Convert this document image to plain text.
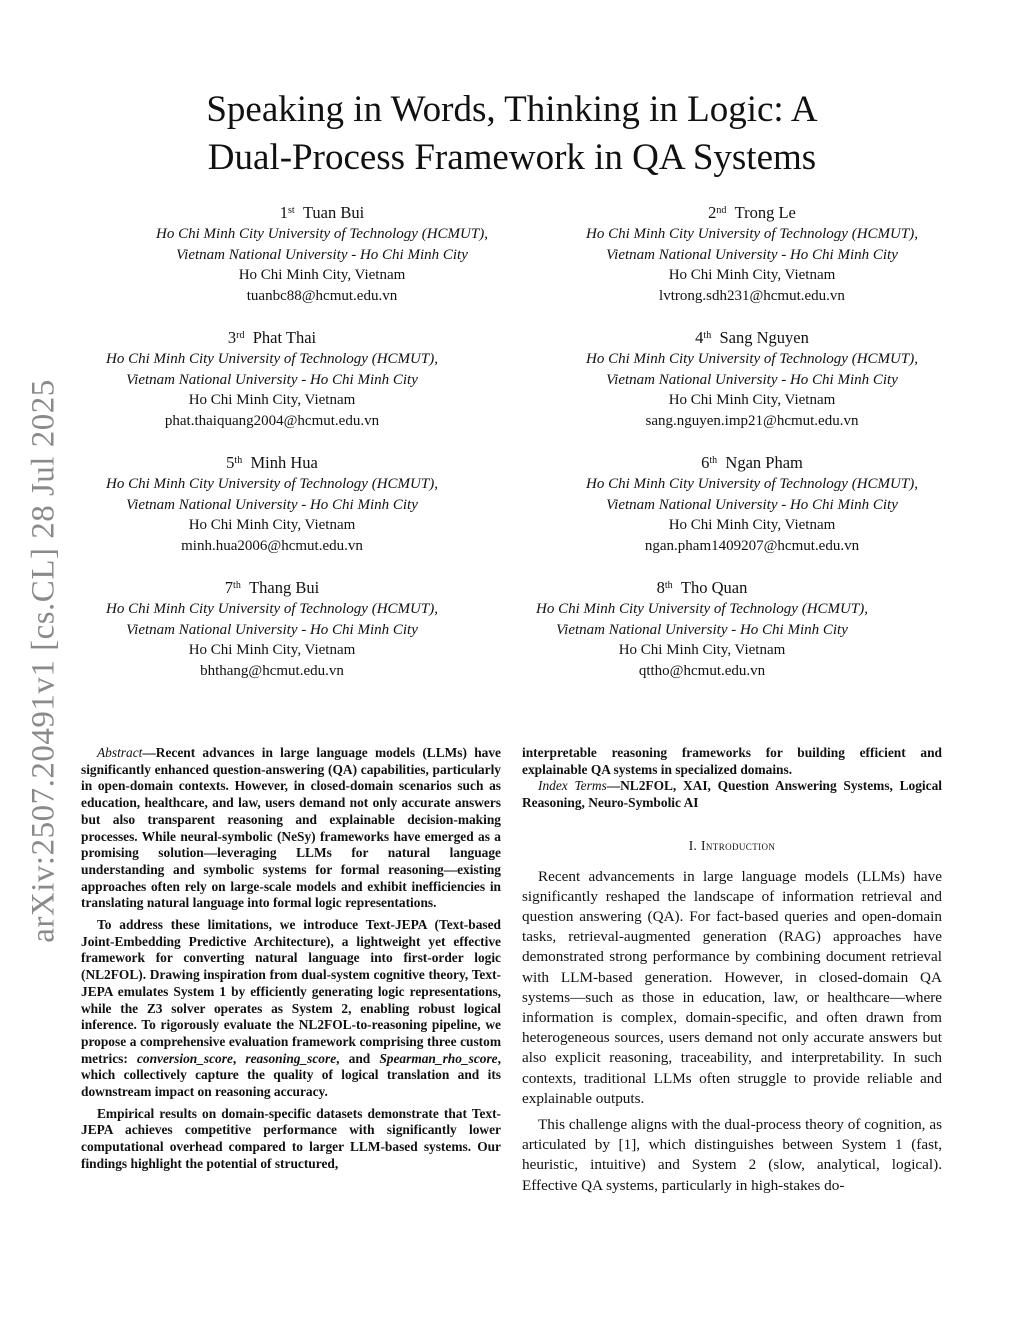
arXiv:2507.20491v1 [cs.CL] 28 Jul 2025
Speaking in Words, Thinking in Logic: A
Dual-Process Framework in QA Systems
1st Tuan Bui
Ho Chi Minh City University of Technology (HCMUT),
Vietnam National University - Ho Chi Minh City
Ho Chi Minh City, Vietnam
tuanbc88@hcmut.edu.vn
2nd Trong Le
Ho Chi Minh City University of Technology (HCMUT),
Vietnam National University - Ho Chi Minh City
Ho Chi Minh City, Vietnam
lvtrong.sdh231@hcmut.edu.vn
3rd Phat Thai
Ho Chi Minh City University of Technology (HCMUT),
Vietnam National University - Ho Chi Minh City
Ho Chi Minh City, Vietnam
phat.thaiquang2004@hcmut.edu.vn
4th Sang Nguyen
Ho Chi Minh City University of Technology (HCMUT),
Vietnam National University - Ho Chi Minh City
Ho Chi Minh City, Vietnam
sang.nguyen.imp21@hcmut.edu.vn
5th Minh Hua
Ho Chi Minh City University of Technology (HCMUT),
Vietnam National University - Ho Chi Minh City
Ho Chi Minh City, Vietnam
minh.hua2006@hcmut.edu.vn
6th Ngan Pham
Ho Chi Minh City University of Technology (HCMUT),
Vietnam National University - Ho Chi Minh City
Ho Chi Minh City, Vietnam
ngan.pham1409207@hcmut.edu.vn
7th Thang Bui
Ho Chi Minh City University of Technology (HCMUT),
Vietnam National University - Ho Chi Minh City
Ho Chi Minh City, Vietnam
bhthang@hcmut.edu.vn
8th Tho Quan
Ho Chi Minh City University of Technology (HCMUT),
Vietnam National University - Ho Chi Minh City
Ho Chi Minh City, Vietnam
qttho@hcmut.edu.vn

Abstract—Recent advances in large language models (LLMs) have significantly enhanced question-answering (QA) capabilities, particularly in open-domain contexts. However, in closed-domain scenarios such as education, healthcare, and law, users demand not only accurate answers but also transparent reasoning and explainable decision-making processes. While neural-symbolic (NeSy) frameworks have emerged as a promising solution—leveraging LLMs for natural language understanding and symbolic systems for formal reasoning—existing approaches often rely on large-scale models and exhibit inefficiencies in translating natural language into formal logic representations.

To address these limitations, we introduce Text-JEPA (Text-based Joint-Embedding Predictive Architecture), a lightweight yet effective framework for converting natural language into first-order logic (NL2FOL). Drawing inspiration from dual-system cognitive theory, Text-JEPA emulates System 1 by efficiently generating logic representations, while the Z3 solver operates as System 2, enabling robust logical inference. To rigorously evaluate the NL2FOL-to-reasoning pipeline, we propose a comprehensive evaluation framework comprising three custom metrics: conversion_score, reasoning_score, and Spearman_rho_score, which collectively capture the quality of logical translation and its downstream impact on reasoning accuracy.

Empirical results on domain-specific datasets demonstrate that Text-JEPA achieves competitive performance with significantly lower computational overhead compared to larger LLM-based systems. Our findings highlight the potential of structured,

interpretable reasoning frameworks for building efficient and explainable QA systems in specialized domains.

Index Terms—NL2FOL, XAI, Question Answering Systems, Logical Reasoning, Neuro-Symbolic AI

I. Introduction

Recent advancements in large language models (LLMs) have significantly reshaped the landscape of information retrieval and question answering (QA). For fact-based queries and open-domain tasks, retrieval-augmented generation (RAG) approaches have demonstrated strong performance by combining document retrieval with LLM-based generation. However, in closed-domain QA systems—such as those in education, law, or healthcare—where information is complex, domain-specific, and often drawn from heterogeneous sources, users demand not only accurate answers but also explicit reasoning, traceability, and interpretability. In such contexts, traditional LLMs often struggle to provide reliable and explainable outputs.

This challenge aligns with the dual-process theory of cognition, as articulated by [1], which distinguishes between System 1 (fast, heuristic, intuitive) and System 2 (slow, analytical, logical). Effective QA systems, particularly in high-stakes do-
